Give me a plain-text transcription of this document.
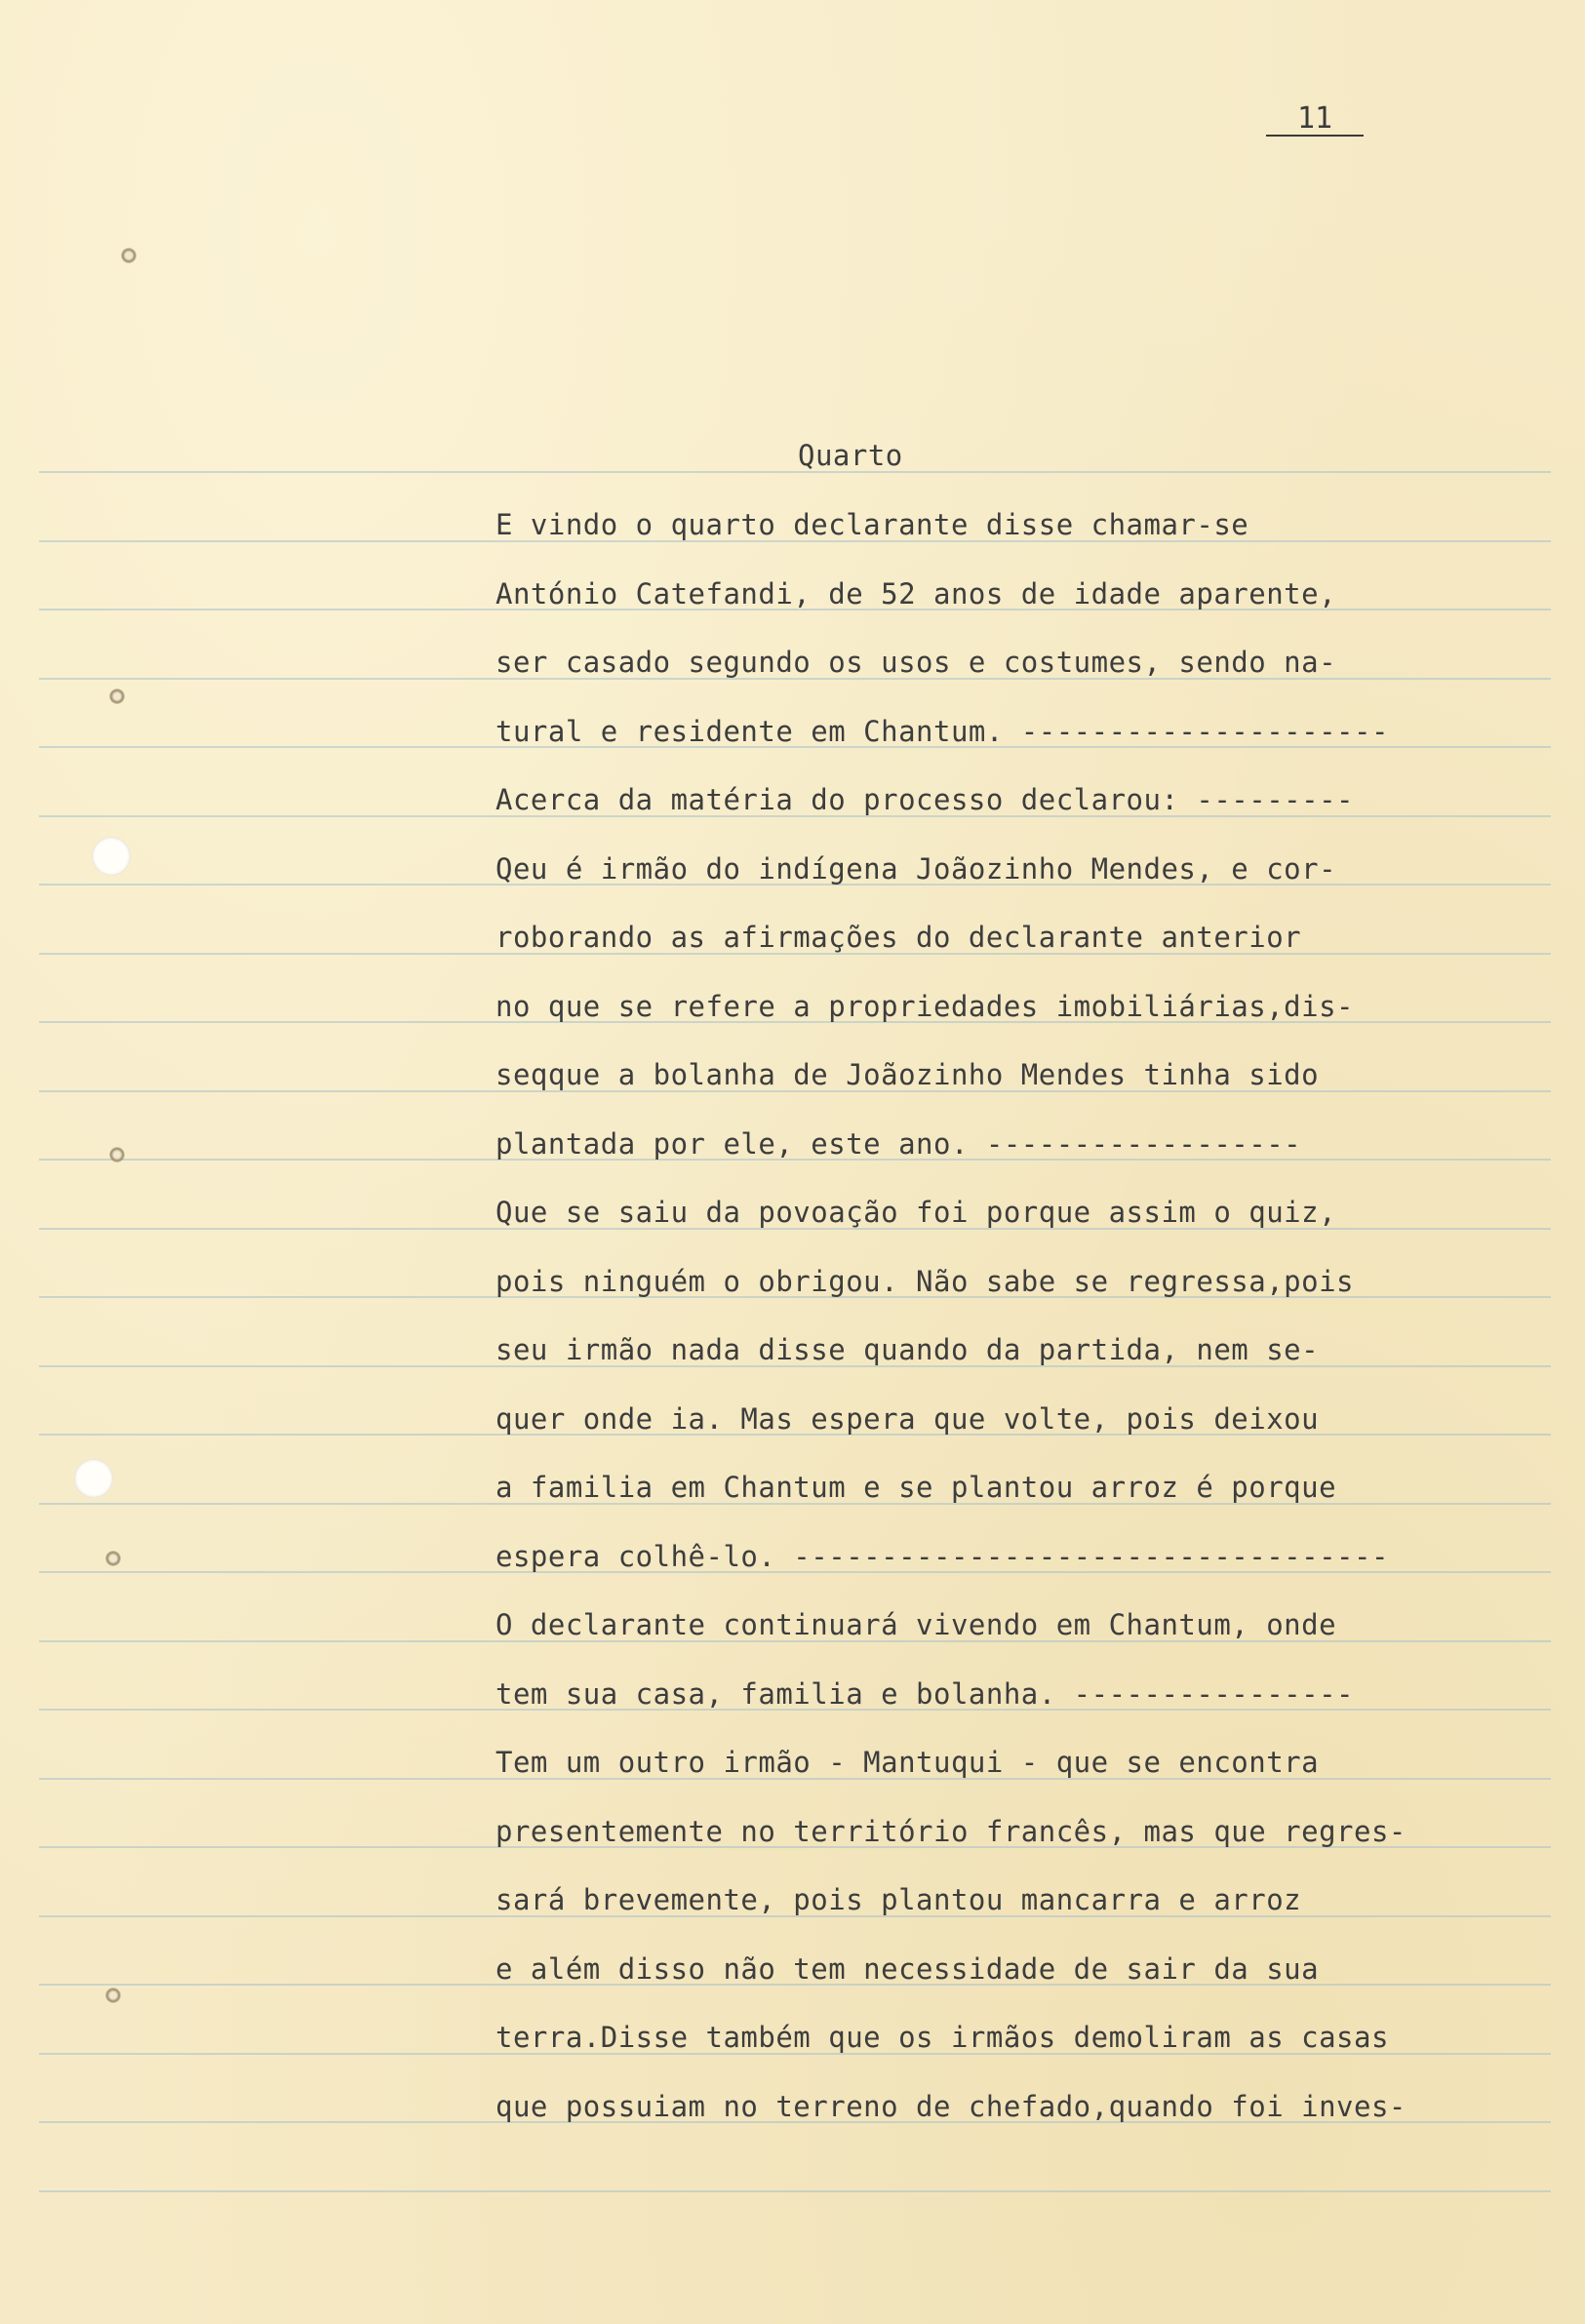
11
Quarto
E vindo o quarto declarante disse chamar-se
António Catefandi, de 52 anos de idade aparente,
ser casado segundo os usos e costumes, sendo na-
tural e residente em Chantum. ---------------------
Acerca da matéria do processo declarou: ---------
Qeu é irmão do indígena Joãozinho Mendes, e cor-
roborando as afirmações do declarante anterior
no que se refere a propriedades imobiliárias,dis-
seqque a bolanha de Joãozinho Mendes tinha sido
plantada por ele, este ano. ------------------
Que se saiu da povoação foi porque assim o quiz,
pois ninguém o obrigou. Não sabe se regressa,pois
seu irmão nada disse quando da partida, nem se-
quer onde ia. Mas espera que volte, pois deixou
a familia em Chantum e se plantou arroz é porque
espera colhê-lo. ----------------------------------
O declarante continuará vivendo em Chantum, onde
tem sua casa, familia e bolanha. ----------------
Tem um outro irmão - Mantuqui - que se encontra
presentemente no território francês, mas que regres-
sará brevemente, pois plantou mancarra e arroz
e além disso não tem necessidade de sair da sua
terra.Disse também que os irmãos demoliram as casas
que possuiam no terreno de chefado,quando foi inves-
